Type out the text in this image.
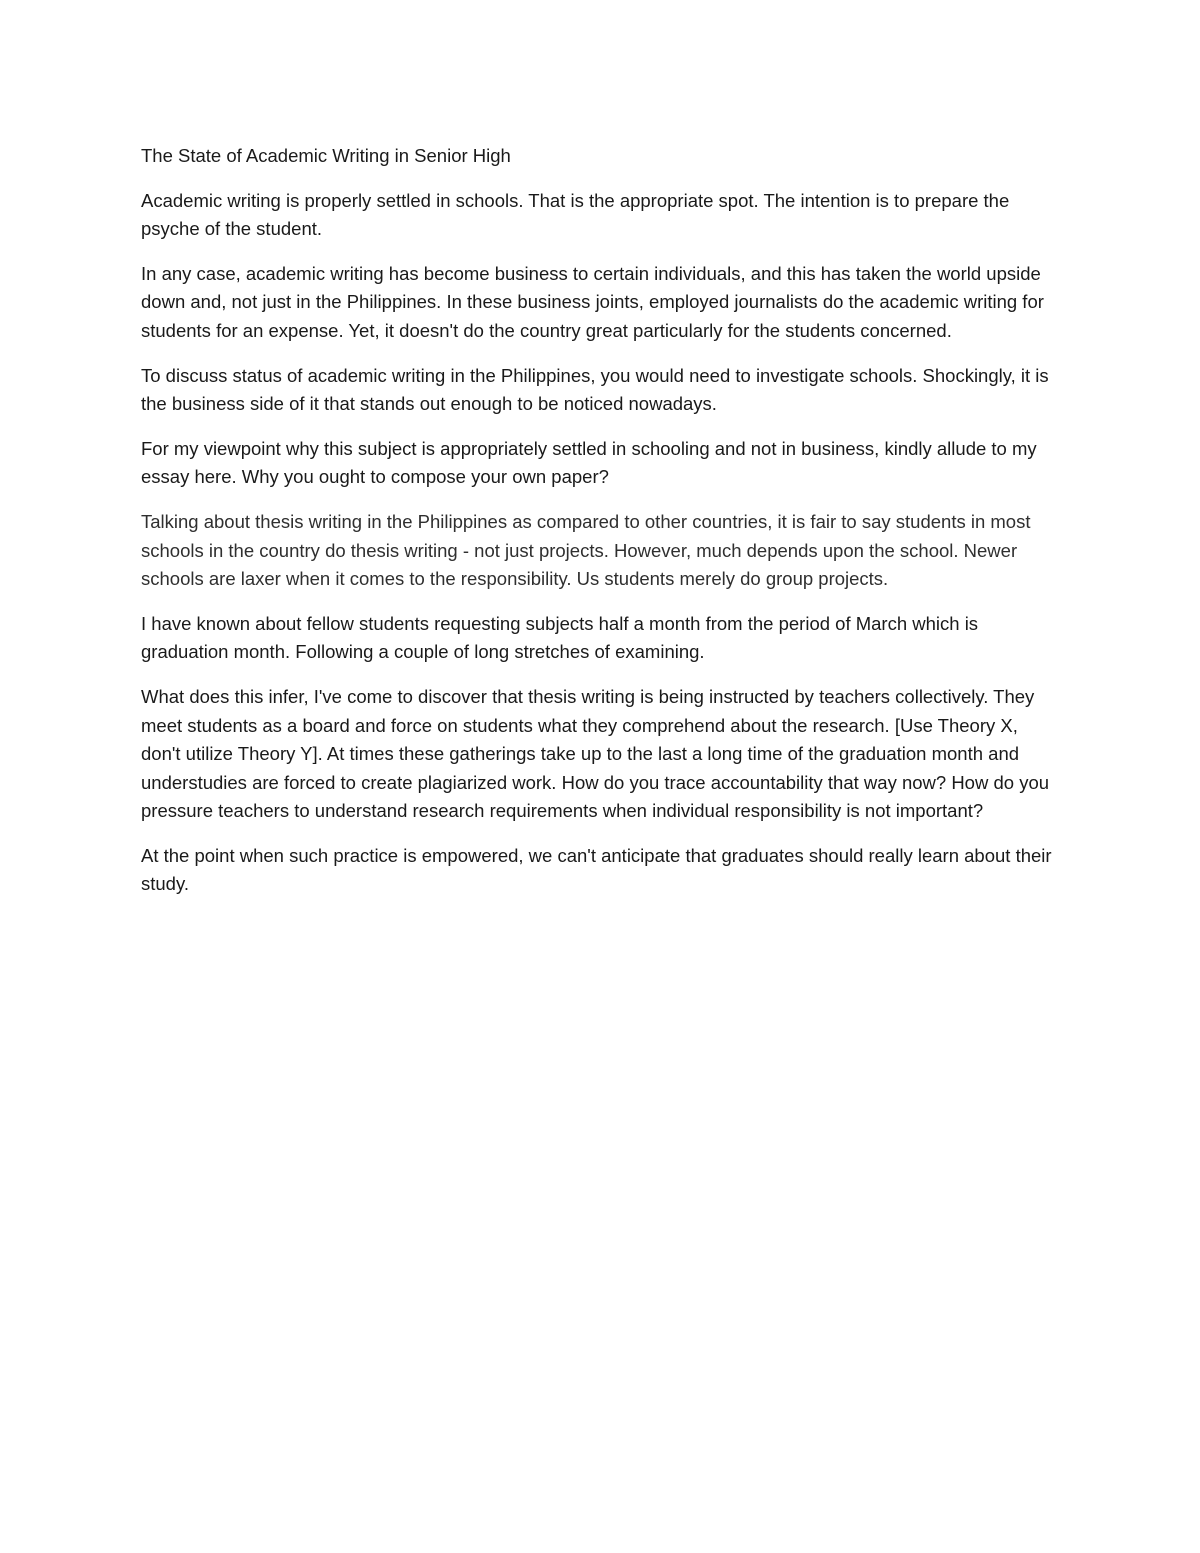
The State of Academic Writing in Senior High

Academic writing is properly settled in schools. That is the appropriate spot. The intention is to prepare the psyche of the student.

In any case, academic writing has become business to certain individuals, and this has taken the world upside down and, not just in the Philippines. In these business joints, employed journalists do the academic writing for students for an expense. Yet, it doesn't do the country great particularly for the students concerned.

To discuss status of academic writing in the Philippines, you would need to investigate schools. Shockingly, it is the business side of it that stands out enough to be noticed nowadays.

For my viewpoint why this subject is appropriately settled in schooling and not in business, kindly allude to my essay here. Why you ought to compose your own paper?

Talking about thesis writing in the Philippines as compared to other countries, it is fair to say students in most schools in the country do thesis writing - not just projects. However, much depends upon the school. Newer schools are laxer when it comes to the responsibility. Us students merely do group projects.

I have known about fellow students requesting subjects half a month from the period of March which is graduation month. Following a couple of long stretches of examining.

What does this infer, I've come to discover that thesis writing is being instructed by teachers collectively. They meet students as a board and force on students what they comprehend about the research. [Use Theory X, don't utilize Theory Y]. At times these gatherings take up to the last a long time of the graduation month and understudies are forced to create plagiarized work. How do you trace accountability that way now? How do you pressure teachers to understand research requirements when individual responsibility is not important?

At the point when such practice is empowered, we can't anticipate that graduates should really learn about their study.
